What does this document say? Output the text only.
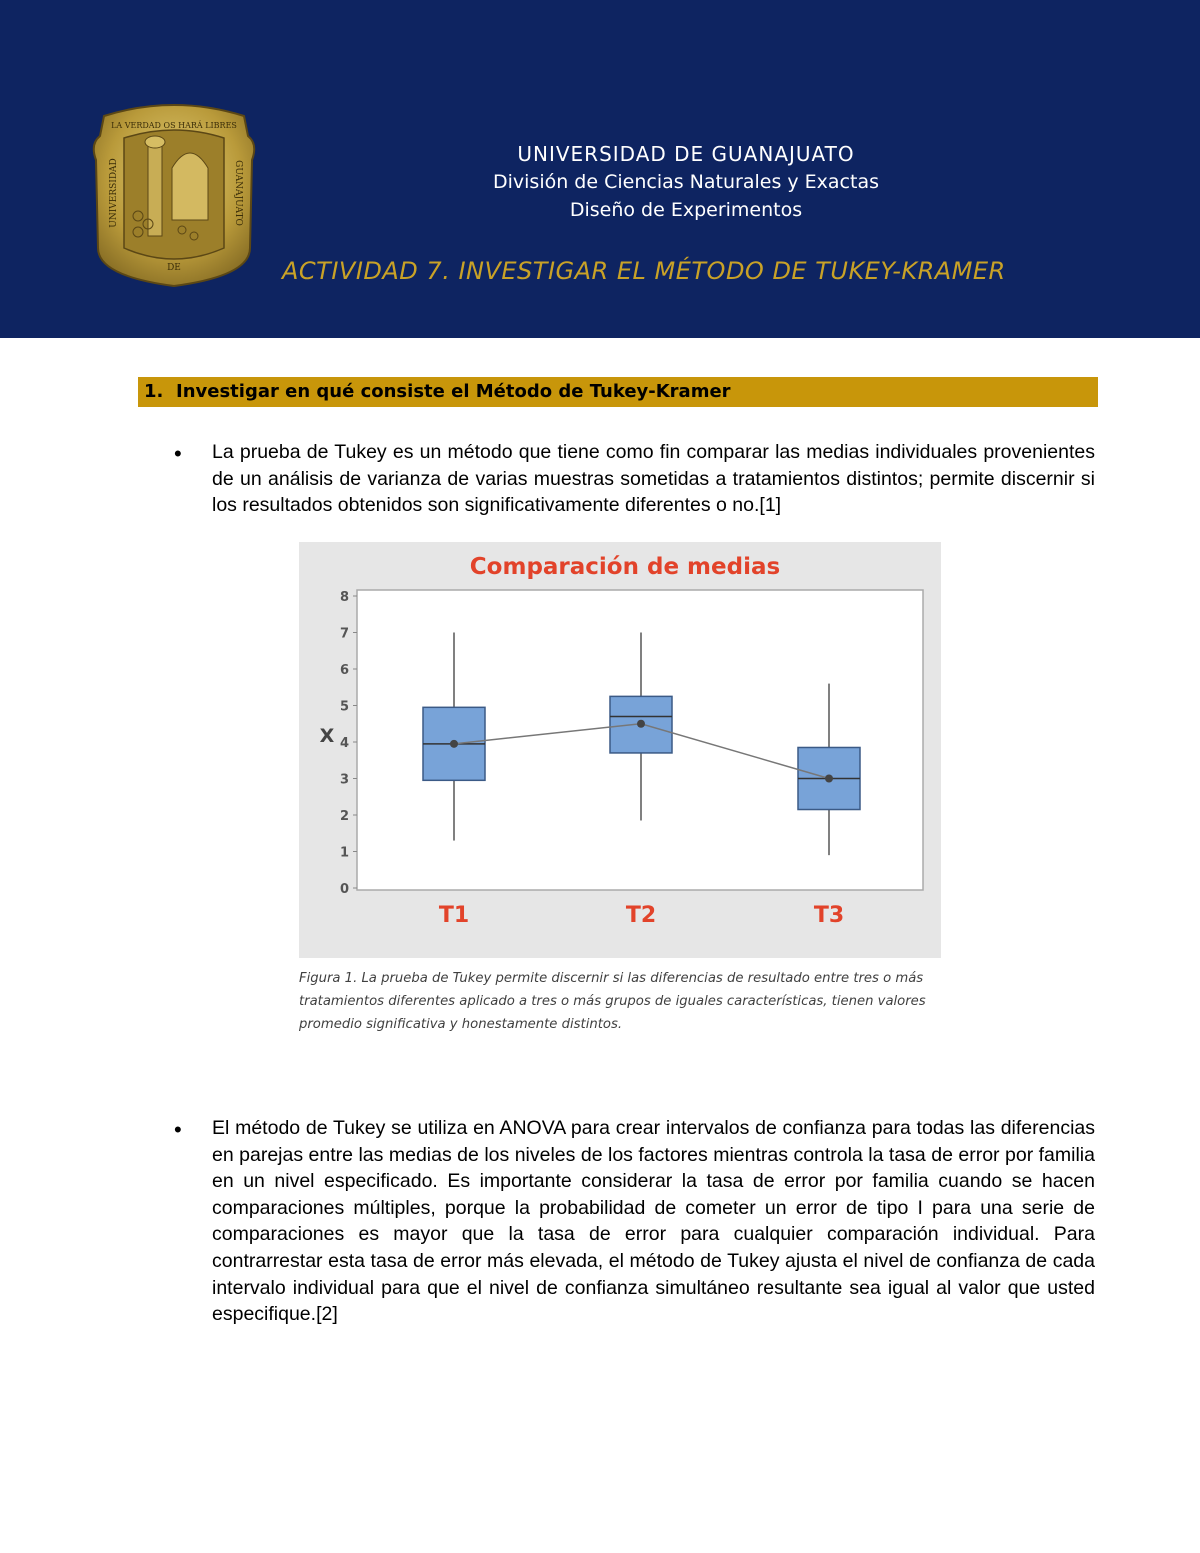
LA VERDAD OS HARÁ LIBRES
UNIVERSIDAD	GUANAJUATO
DE
UNIVERSIDAD DE GUANAJUATO
División de Ciencias Naturales y Exactas
Diseño de Experimentos
ACTIVIDAD 7. INVESTIGAR EL MÉTODO DE TUKEY-KRAMER
1. Investigar en qué consiste el Método de Tukey-Kramer
• La prueba de Tukey es un método que tiene como fin comparar las medias individuales provenientes de un análisis de varianza de varias muestras sometidas a tratamientos distintos; permite discernir si los resultados obtenidos son significativamente diferentes o no.[1]
Comparación de medias
X
0
1
2
3
4
5
6
7
8
T1	T2	T3
Figura 1. La prueba de Tukey permite discernir si las diferencias de resultado entre tres o más tratamientos diferentes aplicado a tres o más grupos de iguales características, tienen valores promedio significativa y honestamente distintos.
• El método de Tukey se utiliza en ANOVA para crear intervalos de confianza para todas las diferencias en parejas entre las medias de los niveles de los factores mientras controla la tasa de error por familia en un nivel especificado. Es importante considerar la tasa de error por familia cuando se hacen comparaciones múltiples, porque la probabilidad de cometer un error de tipo I para una serie de comparaciones es mayor que la tasa de error para cualquier comparación individual. Para contrarrestar esta tasa de error más elevada, el método de Tukey ajusta el nivel de confianza de cada intervalo individual para que el nivel de confianza simultáneo resultante sea igual al valor que usted especifique.[2]
